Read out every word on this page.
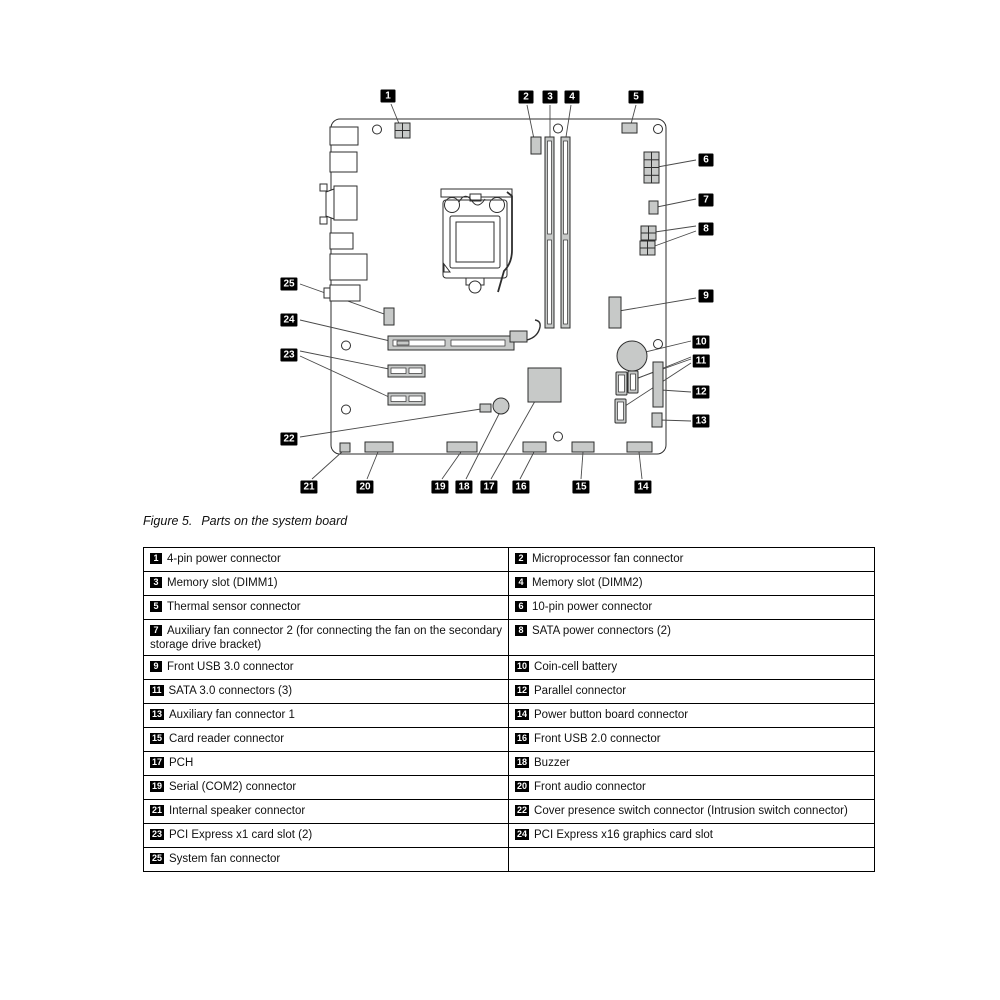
1	2	3	4	5
6
7
8
9
10
11
12
13
14
15
16
17
18
19
20
21
22
23
24
25
Figure 5. Parts on the system board
1 4-pin power connector	2 Microprocessor fan connector
3 Memory slot (DIMM1)	4 Memory slot (DIMM2)
5 Thermal sensor connector	6 10-pin power connector
7 Auxiliary fan connector 2 (for connecting the fan on the secondary storage drive bracket)	8 SATA power connectors (2)
9 Front USB 3.0 connector	10 Coin-cell battery
11 SATA 3.0 connectors (3)	12 Parallel connector
13 Auxiliary fan connector 1	14 Power button board connector
15 Card reader connector	16 Front USB 2.0 connector
17 PCH	18 Buzzer
19 Serial (COM2) connector	20 Front audio connector
21 Internal speaker connector	22 Cover presence switch connector (Intrusion switch connector)
23 PCI Express x1 card slot (2)	24 PCI Express x16 graphics card slot
25 System fan connector	
